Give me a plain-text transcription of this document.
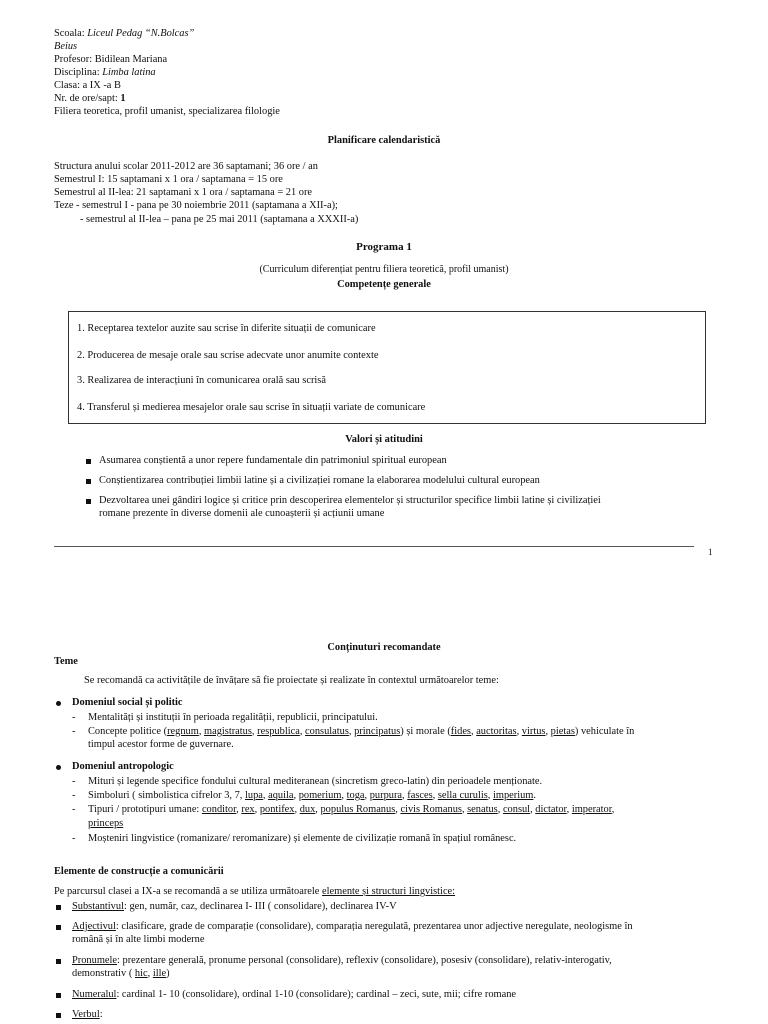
Scoala: Liceul Pedag “N.Bolcas”
Beius
Profesor: Bidilean Mariana
Disciplina: Limba latina
Clasa: a IX -a B
Nr. de ore/sapt: 1
Filiera teoretica, profil umanist, specializarea filologie
Planificare calendaristică
Structura anului scolar 2011-2012 are 36 saptamani; 36 ore / an
Semestrul I: 15 saptamani x 1 ora / saptamana = 15 ore
Semestrul al II-lea: 21 saptamani x 1 ora / saptamana = 21 ore
Teze - semestrul I - pana pe 30 noiembrie 2011 (saptamana a XII-a);
- semestrul al II-lea – pana pe 25 mai 2011 (saptamana a XXXII-a)
Programa 1
(Curriculum diferențiat pentru filiera teoretică, profil umanist)
Competențe generale
1. Receptarea textelor auzite sau scrise în diferite situații de comunicare
2. Producerea de mesaje orale sau scrise adecvate unor anumite contexte
3. Realizarea de interacțiuni în comunicarea orală sau scrisă
4. Transferul și medierea mesajelor orale sau scrise în situații variate de comunicare
Valori și atitudini
Asumarea conștientă a unor repere fundamentale din patrimoniul spiritual european
Conștientizarea contribuției limbii latine și a civilizației romane la elaborarea modelului cultural european
Dezvoltarea unei gândiri logice și critice prin descoperirea elementelor și structurilor specifice limbii latine și civilizației
romane prezente în diverse domenii ale cunoașterii și acțiunii umane
1
Conținuturi recomandate
Teme
Se recomandă ca activitățile de învățare să fie proiectate și realizate în contextul următoarelor teme:
Domeniul social și politic
- Mentalități și instituții în perioada regalității, republicii, principatului.
- Concepte politice (regnum, magistratus, respublica, consulatus, principatus) și morale (fides, auctoritas, virtus, pietas) vehiculate în
timpul acestor forme de guvernare.
Domeniul antropologic
- Mituri și legende specifice fondului cultural mediteranean (sincretism greco-latin) din perioadele menționate.
- Simboluri ( simbolistica cifrelor 3, 7, lupa, aquila, pomerium, toga, purpura, fasces, sella curulis, imperium.
- Tipuri / prototipuri umane: conditor, rex, pontifex, dux, populus Romanus, civis Romanus, senatus, consul, dictator, imperator,
princeps
- Moșteniri lingvistice (romanizare/ reromanizare) și elemente de civilizație romană în spațiul românesc.
Elemente de construcție a comunicării
Pe parcursul clasei a IX-a se recomandă a se utiliza următoarele elemente și structuri lingvistice:
Substantivul: gen, număr, caz, declinarea I- III ( consolidare), declinarea IV-V
Adjectivul: clasificare, grade de comparație (consolidare), comparația neregulată, prezentarea unor adjective neregulate, neologisme în
română și în alte limbi moderne
Pronumele: prezentare generală, pronume personal (consolidare), reflexiv (consolidare), posesiv (consolidare), relativ-interogativ,
demonstrativ ( hic, ille)
Numeralul: cardinal 1- 10 (consolidare), ordinal 1-10 (consolidare); cardinal – zeci, sute, mii; cifre romane
Verbul:
